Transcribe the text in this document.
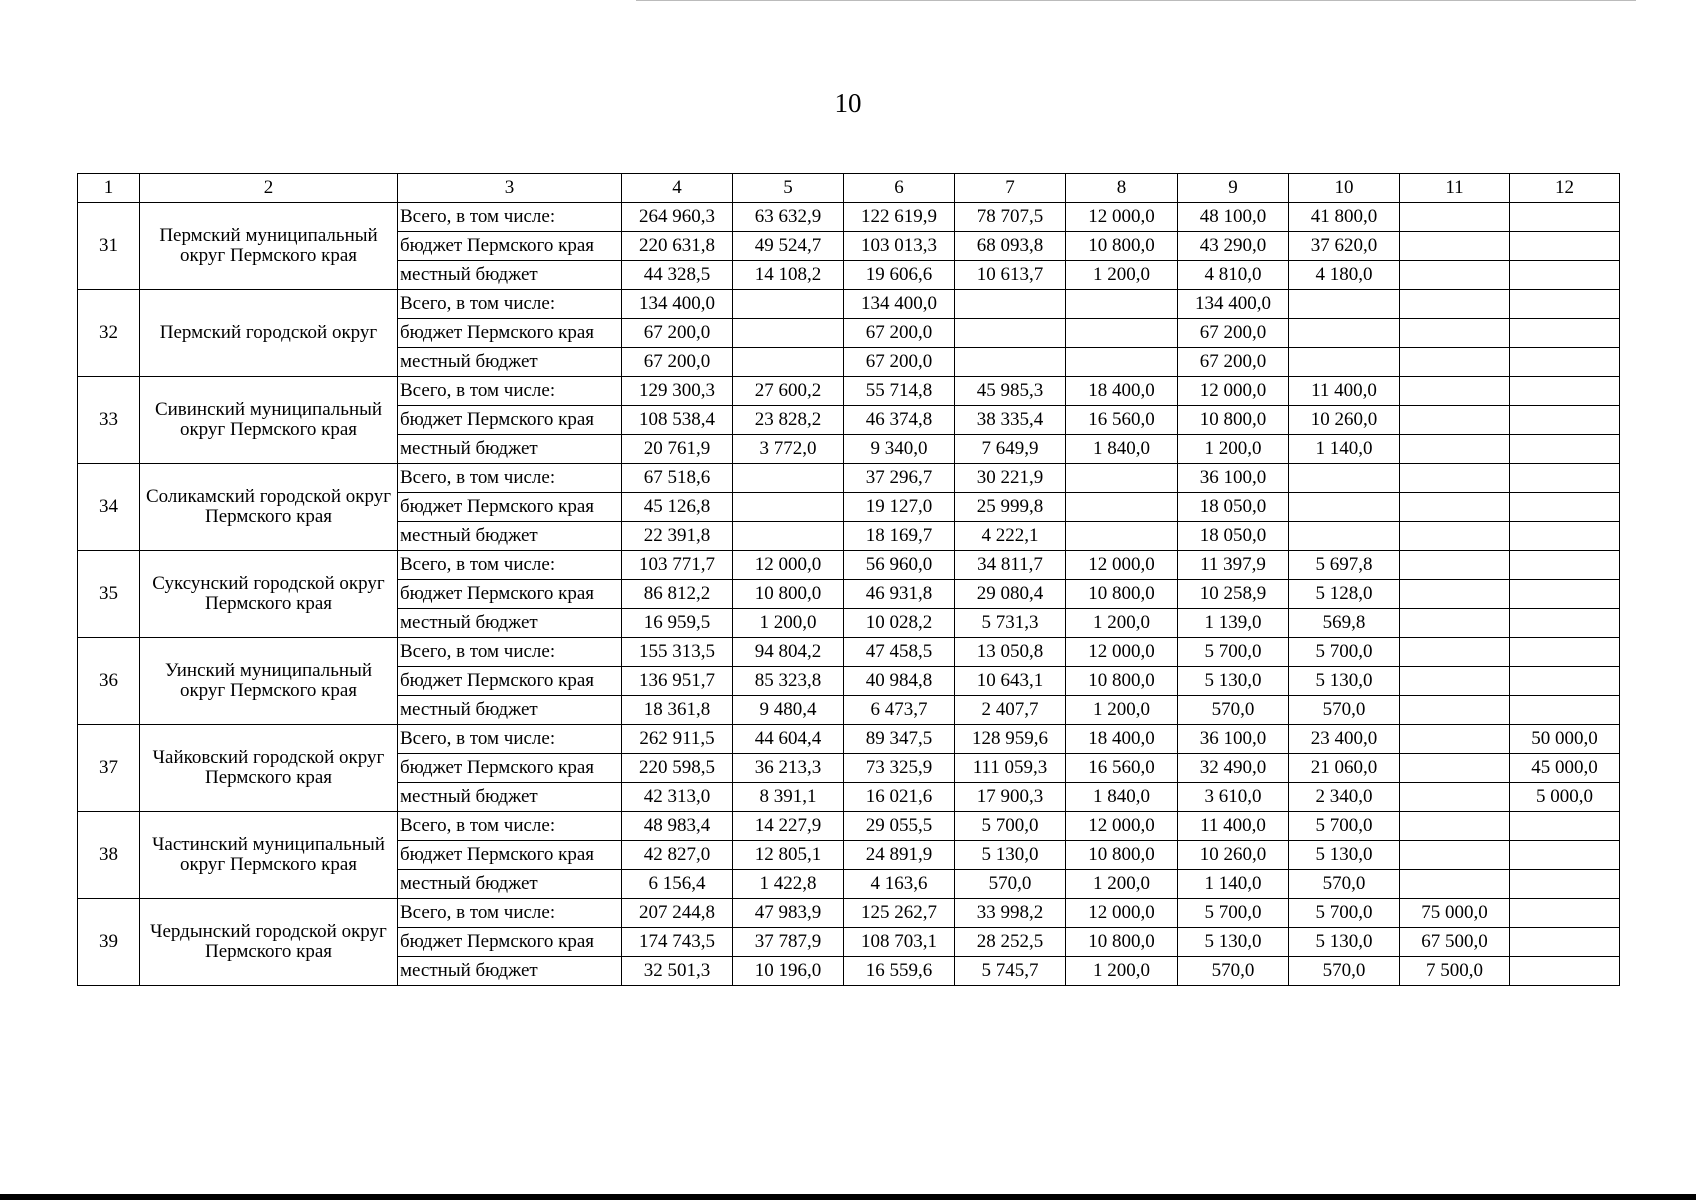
10
1	2	3	4	5	6	7	8	9	10	11	12
31	Пермский муниципальный округ Пермского края	Всего, в том числе:	264 960,3	63 632,9	122 619,9	78 707,5	12 000,0	48 100,0	41 800,0		
		бюджет Пермского края	220 631,8	49 524,7	103 013,3	68 093,8	10 800,0	43 290,0	37 620,0		
		местный бюджет	44 328,5	14 108,2	19 606,6	10 613,7	1 200,0	4 810,0	4 180,0		
32	Пермский городской округ	Всего, в том числе:	134 400,0		134 400,0			134 400,0			
		бюджет Пермского края	67 200,0		67 200,0			67 200,0			
		местный бюджет	67 200,0		67 200,0			67 200,0			
33	Сивинский муниципальный округ Пермского края	Всего, в том числе:	129 300,3	27 600,2	55 714,8	45 985,3	18 400,0	12 000,0	11 400,0		
		бюджет Пермского края	108 538,4	23 828,2	46 374,8	38 335,4	16 560,0	10 800,0	10 260,0		
		местный бюджет	20 761,9	3 772,0	9 340,0	7 649,9	1 840,0	1 200,0	1 140,0		
34	Соликамский городской округ Пермского края	Всего, в том числе:	67 518,6		37 296,7	30 221,9		36 100,0			
		бюджет Пермского края	45 126,8		19 127,0	25 999,8		18 050,0			
		местный бюджет	22 391,8		18 169,7	4 222,1		18 050,0			
35	Суксунский городской округ Пермского края	Всего, в том числе:	103 771,7	12 000,0	56 960,0	34 811,7	12 000,0	11 397,9	5 697,8		
		бюджет Пермского края	86 812,2	10 800,0	46 931,8	29 080,4	10 800,0	10 258,9	5 128,0		
		местный бюджет	16 959,5	1 200,0	10 028,2	5 731,3	1 200,0	1 139,0	569,8		
36	Уинский муниципальный округ Пермского края	Всего, в том числе:	155 313,5	94 804,2	47 458,5	13 050,8	12 000,0	5 700,0	5 700,0		
		бюджет Пермского края	136 951,7	85 323,8	40 984,8	10 643,1	10 800,0	5 130,0	5 130,0		
		местный бюджет	18 361,8	9 480,4	6 473,7	2 407,7	1 200,0	570,0	570,0		
37	Чайковский городской округ Пермского края	Всего, в том числе:	262 911,5	44 604,4	89 347,5	128 959,6	18 400,0	36 100,0	23 400,0		50 000,0
		бюджет Пермского края	220 598,5	36 213,3	73 325,9	111 059,3	16 560,0	32 490,0	21 060,0		45 000,0
		местный бюджет	42 313,0	8 391,1	16 021,6	17 900,3	1 840,0	3 610,0	2 340,0		5 000,0
38	Частинский муниципальный округ Пермского края	Всего, в том числе:	48 983,4	14 227,9	29 055,5	5 700,0	12 000,0	11 400,0	5 700,0		
		бюджет Пермского края	42 827,0	12 805,1	24 891,9	5 130,0	10 800,0	10 260,0	5 130,0		
		местный бюджет	6 156,4	1 422,8	4 163,6	570,0	1 200,0	1 140,0	570,0		
39	Чердынский городской округ Пермского края	Всего, в том числе:	207 244,8	47 983,9	125 262,7	33 998,2	12 000,0	5 700,0	5 700,0	75 000,0	
		бюджет Пермского края	174 743,5	37 787,9	108 703,1	28 252,5	10 800,0	5 130,0	5 130,0	67 500,0	
		местный бюджет	32 501,3	10 196,0	16 559,6	5 745,7	1 200,0	570,0	570,0	7 500,0	
